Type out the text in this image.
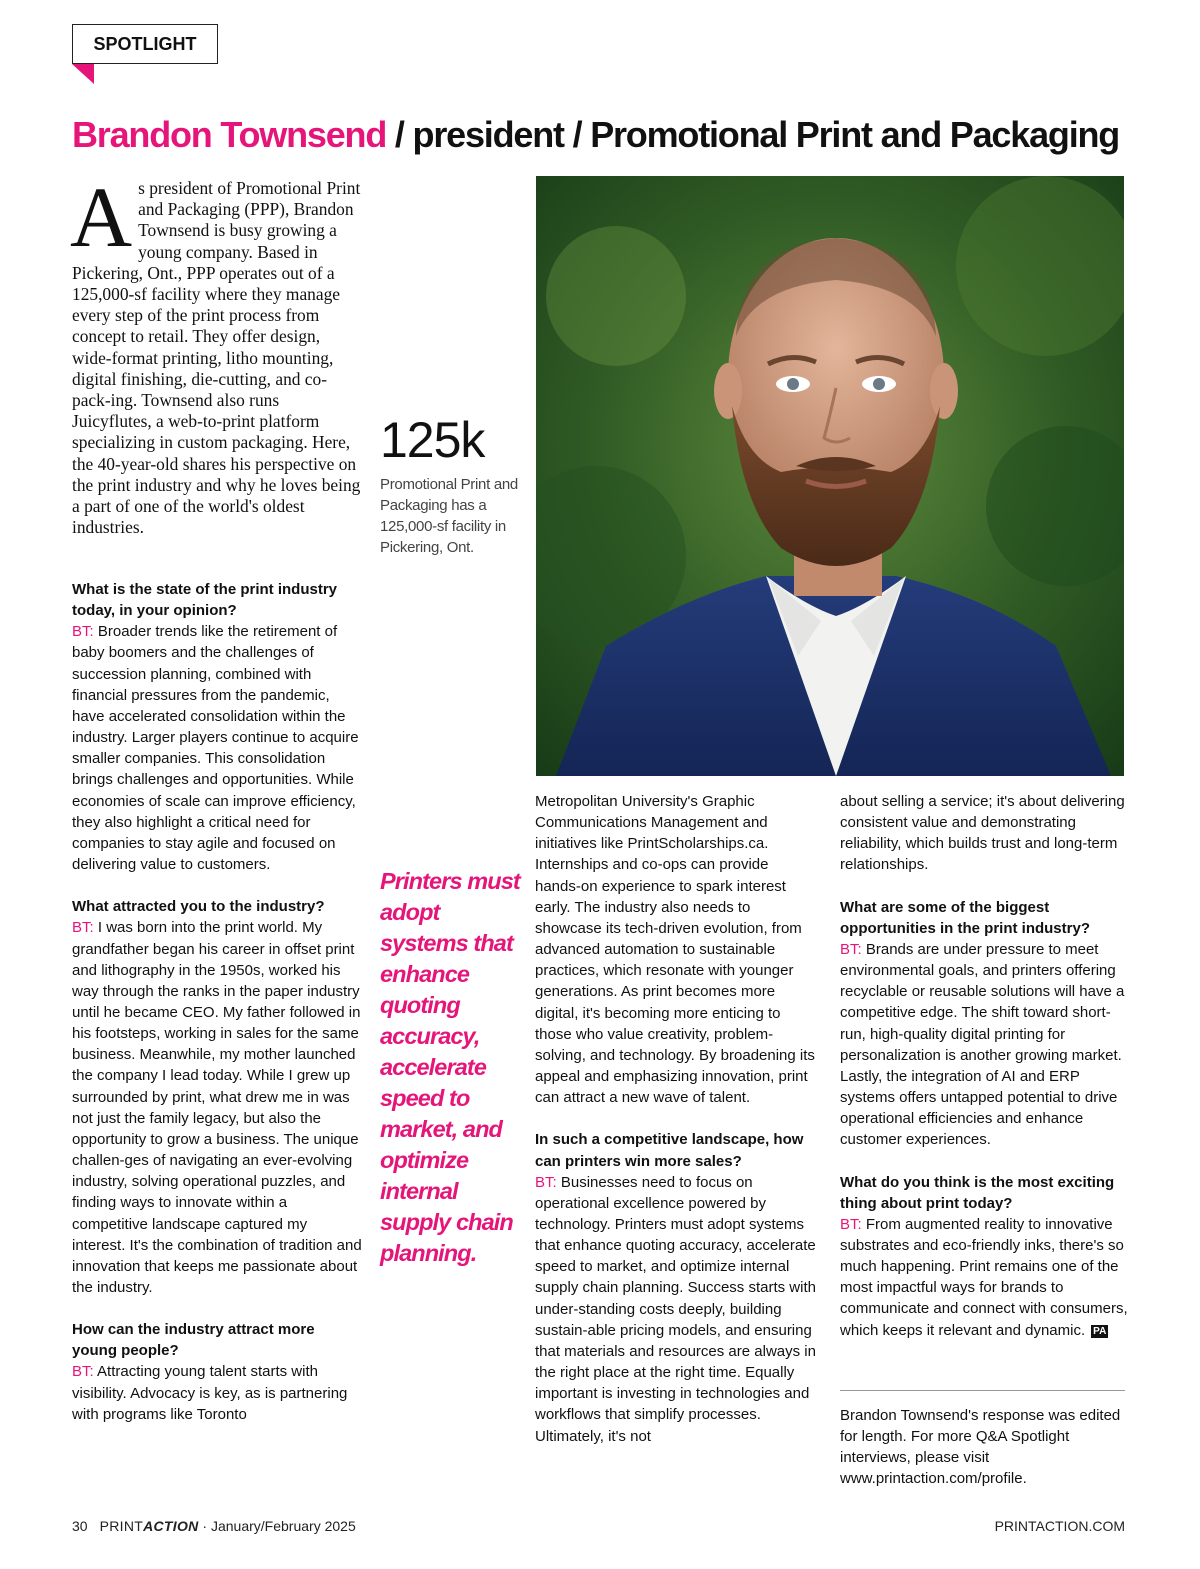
SPOTLIGHT
Brandon Townsend / president / Promotional Print and Packaging
As president of Promotional Print and Packaging (PPP), Brandon Townsend is busy growing a young company. Based in Pickering, Ont., PPP operates out of a 125,000-sf facility where they manage every step of the print process from concept to retail. They offer design, wide-format printing, litho mounting, digital finishing, die-cutting, and co-pack-ing. Townsend also runs Juicyflutes, a web-to-print platform specializing in custom packaging. Here, the 40-year-old shares his perspective on the print industry and why he loves being a part of one of the world's oldest industries.
125k
Promotional Print and Packaging has a 125,000-sf facility in Pickering, Ont.
Printers must adopt systems that enhance quoting accuracy, accelerate speed to market, and optimize internal supply chain planning.

What is the state of the print industry today, in your opinion?

BT: Broader trends like the retirement of baby boomers and the challenges of succession planning, combined with financial pressures from the pandemic, have accelerated consolidation within the industry. Larger players continue to acquire smaller companies. This consolidation brings challenges and opportunities. While economies of scale can improve efficiency, they also highlight a critical need for companies to stay agile and focused on delivering value to customers.

What attracted you to the industry?

BT: I was born into the print world. My grandfather began his career in offset print and lithography in the 1950s, worked his way through the ranks in the paper industry until he became CEO. My father followed in his footsteps, working in sales for the same business. Meanwhile, my mother launched the company I lead today. While I grew up surrounded by print, what drew me in was not just the family legacy, but also the opportunity to grow a business. The unique challen-ges of navigating an ever-evolving industry, solving operational puzzles, and finding ways to innovate within a competitive landscape captured my interest. It's the combination of tradition and innovation that keeps me passionate about the industry.

How can the industry attract more young people?

BT: Attracting young talent starts with visibility. Advocacy is key, as is partnering with programs like Toronto

Metropolitan University's Graphic Communications Management and initiatives like PrintScholarships.ca. Internships and co-ops can provide hands-on experience to spark interest early. The industry also needs to showcase its tech-driven evolution, from advanced automation to sustainable practices, which resonate with younger generations. As print becomes more digital, it's becoming more enticing to those who value creativity, problem-solving, and technology. By broadening its appeal and emphasizing innovation, print can attract a new wave of talent.

In such a competitive landscape, how can printers win more sales?

BT: Businesses need to focus on operational excellence powered by technology. Printers must adopt systems that enhance quoting accuracy, accelerate speed to market, and optimize internal supply chain planning. Success starts with under-standing costs deeply, building sustain-able pricing models, and ensuring that materials and resources are always in the right place at the right time. Equally important is investing in technologies and workflows that simplify processes. Ultimately, it's not

about selling a service; it's about delivering consistent value and demonstrating reliability, which builds trust and long-term relationships.

What are some of the biggest opportunities in the print industry?

BT: Brands are under pressure to meet environmental goals, and printers offering recyclable or reusable solutions will have a competitive edge. The shift toward short-run, high-quality digital printing for personalization is another growing market. Lastly, the integration of AI and ERP systems offers untapped potential to drive operational efficiencies and enhance customer experiences.

What do you think is the most exciting thing about print today?

BT: From augmented reality to innovative substrates and eco-friendly inks, there's so much happening. Print remains one of the most impactful ways for brands to communicate and connect with consumers, which keeps it relevant and dynamic. PA

Brandon Townsend's response was edited for length. For more Q&A Spotlight interviews, please visit www.printaction.com/profile.

30 PRINTACTION · January/February 2025	PRINTACTION.COM
